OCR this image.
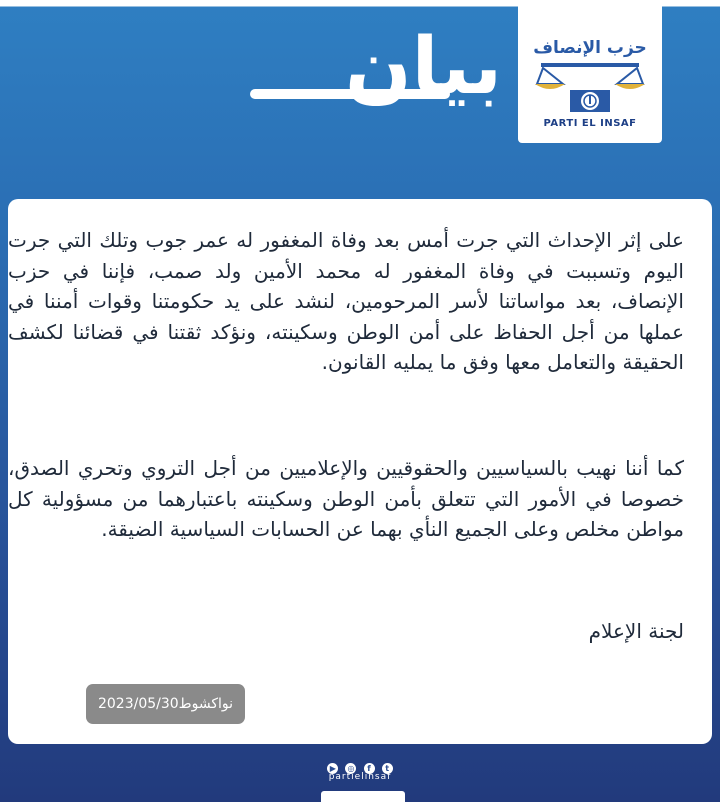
بيان	حزب الإنصاف
PARTI EL INSAF

على إثر الإحداث التي جرت أمس بعد وفاة المغفور له عمر جوب وتلك التي جرت اليوم وتسببت في وفاة المغفور له محمد الأمين ولد صمب، فإننا في حزب الإنصاف، بعد مواساتنا لأسر المرحومين، لنشد على يد حكومتنا وقوات أمننا في عملها من أجل الحفاظ على أمن الوطن وسكينته، ونؤكد ثقتنا في قضائنا لكشف الحقيقة والتعامل معها وفق ما يمليه القانون.

كما أننا نهيب بالسياسيين والحقوقيين والإعلاميين من أجل التروي وتحري الصدق، خصوصا في الأمور التي تتعلق بأمن الوطن وسكينته باعتبارهما من مسؤولية كل مواطن مخلص وعلى الجميع النأي بهما عن الحسابات السياسية الضيقة.

لجنة الإعلام
نواكشوط2023/05/30
▶ ◎ f t
partielinsaf
